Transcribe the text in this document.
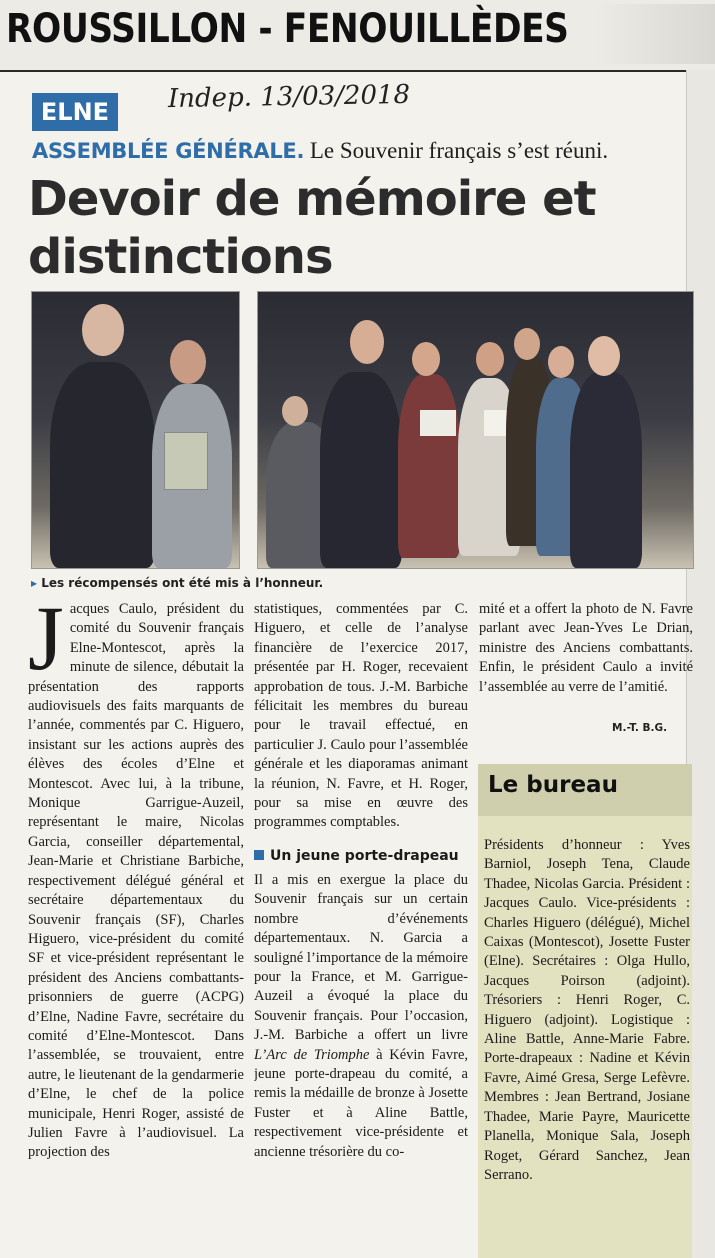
ROUSSILLON - FENOUILLÈDES
ELNE	Indep. 13/03/2018
ASSEMBLÉE GÉNÉRALE. Le Souvenir français s’est réuni.
Devoir de mémoire et distinctions
▸ Les récompensés ont été mis à l’honneur.
Jacques Caulo, président du comité du Souvenir français Elne-Montescot, après la minute de silence, débutait la présentation des rapports audiovisuels des faits marquants de l’année, commentés par C. Higuero, insistant sur les actions auprès des élèves des écoles d’Elne et Montescot. Avec lui, à la tribune, Monique Garrigue-Auzeil, représentant le maire, Nicolas Garcia, conseiller départemental, Jean-Marie et Christiane Barbiche, respectivement délégué général et secrétaire départementaux du Souvenir français (SF), Charles Higuero, vice-président du comité SF et vice-président représentant le président des Anciens combattants-prisonniers de guerre (ACPG) d’Elne, Nadine Favre, secrétaire du comité d’Elne-Montescot. Dans l’assemblée, se trouvaient, entre autre, le lieutenant de la gendarmerie d’Elne, le chef de la police municipale, Henri Roger, assisté de Julien Favre à l’audiovisuel. La projection des
statistiques, commentées par C. Higuero, et celle de l’analyse financière de l’exercice 2017, présentée par H. Roger, recevaient approbation de tous. J.-M. Barbiche félicitait les membres du bureau pour le travail effectué, en particulier J. Caulo pour l’assemblée générale et les diaporamas animant la réunion, N. Favre, et H. Roger, pour sa mise en œuvre des programmes comptables.
Un jeune porte-drapeau
Il a mis en exergue la place du Souvenir français sur un certain nombre d’événements départementaux. N. Garcia a souligné l’importance de la mémoire pour la France, et M. Garrigue-Auzeil a évoqué la place du Souvenir français. Pour l’occasion, J.-M. Barbiche a offert un livre L’Arc de Triomphe à Kévin Favre, jeune porte-drapeau du comité, a remis la médaille de bronze à Josette Fuster et à Aline Battle, respectivement vice-présidente et ancienne trésorière du co-
mité et a offert la photo de N. Favre parlant avec Jean-Yves Le Drian, ministre des Anciens combattants. Enfin, le président Caulo a invité l’assemblée au verre de l’amitié.
M.-T. B.G.
Le bureau
Présidents d’honneur : Yves Barniol, Joseph Tena, Claude Thadee, Nicolas Garcia. Président : Jacques Caulo. Vice-présidents : Charles Higuero (délégué), Michel Caixas (Montescot), Josette Fuster (Elne). Secrétaires : Olga Hullo, Jacques Poirson (adjoint). Trésoriers : Henri Roger, C. Higuero (adjoint). Logistique : Aline Battle, Anne-Marie Fabre. Porte-drapeaux : Nadine et Kévin Favre, Aimé Gresa, Serge Lefèvre. Membres : Jean Bertrand, Josiane Thadee, Marie Payre, Mauricette Planella, Monique Sala, Joseph Roget, Gérard Sanchez, Jean Serrano.
